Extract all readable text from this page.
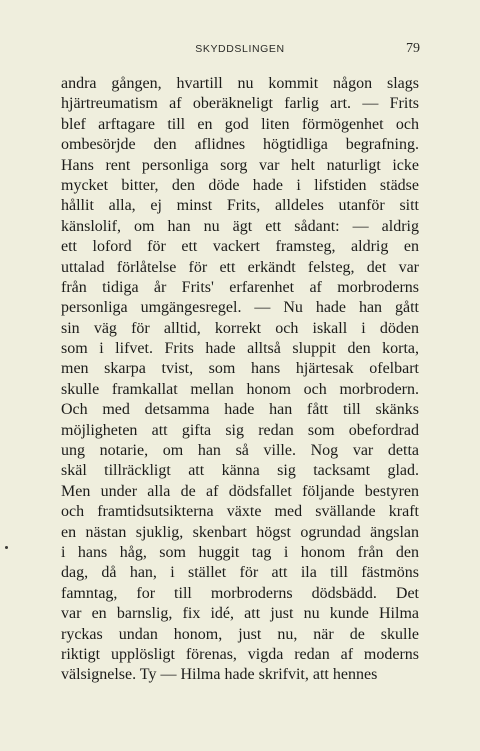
SKYDDSLINGEN	79
andra gången, hvartill nu kommit någon slags
hjärtreumatism af oberäkneligt farlig art. — Frits
blef arftagare till en god liten förmögenhet och
ombesörjde den aflidnes högtidliga begrafning.
Hans rent personliga sorg var helt naturligt icke
mycket bitter, den döde hade i lifstiden städse
hållit alla, ej minst Frits, alldeles utanför sitt
känslolif, om han nu ägt ett sådant: — aldrig
ett loford för ett vackert framsteg, aldrig en
uttalad förlåtelse för ett erkändt felsteg, det var
från tidiga år Frits' erfarenhet af morbroderns
personliga umgängesregel. — Nu hade han gått
sin väg för alltid, korrekt och iskall i döden
som i lifvet. Frits hade alltså sluppit den korta,
men skarpa tvist, som hans hjärtesak ofelbart
skulle framkallat mellan honom och morbrodern.
Och med detsamma hade han fått till skänks
möjligheten att gifta sig redan som obefordrad
ung notarie, om han så ville. Nog var detta
skäl tillräckligt att känna sig tacksamt glad.
Men under alla de af dödsfallet följande bestyren
och framtidsutsikterna växte med svällande kraft
en nästan sjuklig, skenbart högst ogrundad ängslan
i hans håg, som huggit tag i honom från den
dag, då han, i stället för att ila till fästmöns
famntag, for till morbroderns dödsbädd. Det
var en barnslig, fix idé, att just nu kunde Hilma
ryckas undan honom, just nu, när de skulle
riktigt upplösligt förenas, vigda redan af moderns
välsignelse. Ty — Hilma hade skrifvit, att hennes
